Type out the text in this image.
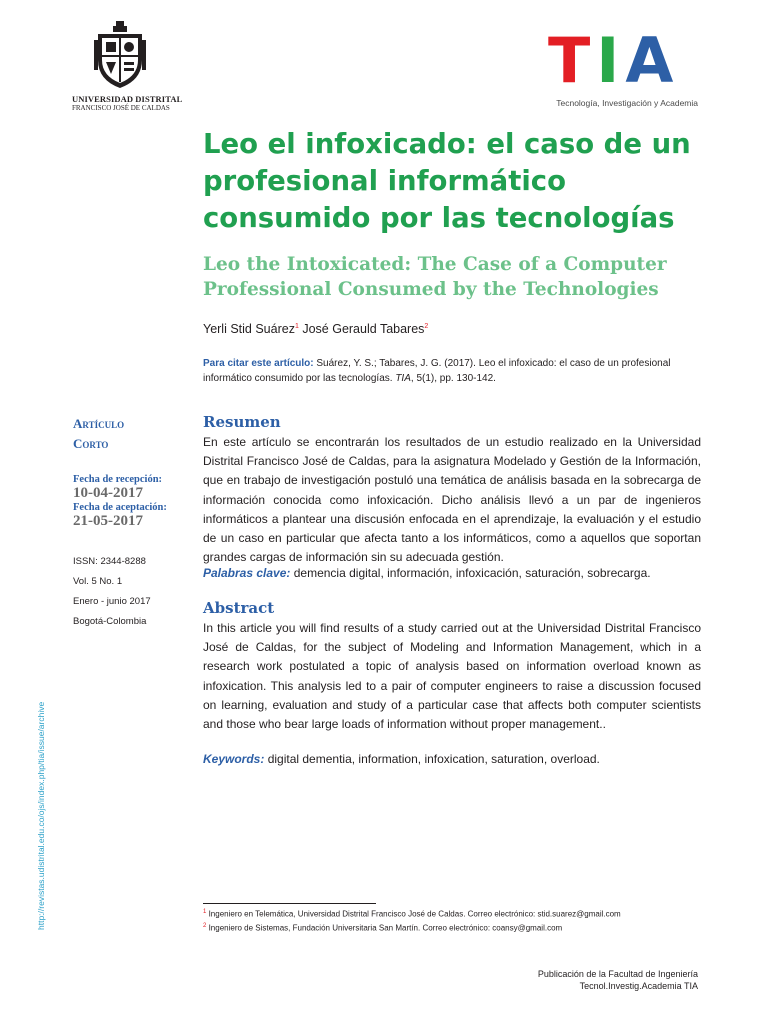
UNIVERSIDAD DISTRITAL
FRANCISCO JOSÉ DE CALDAS
TIA
Tecnología, Investigación y Academia
Leo el infoxicado: el caso de un profesional informático consumido por las tecnologías
Leo the Intoxicated: The Case of a Computer Professional Consumed by the Technologies
Yerli Stid Suárez$^1$ José Gerauld Tabares$^2$
Para citar este artículo: Suárez, Y. S.; Tabares, J. G. (2017). Leo el infoxicado: el caso de un profesional informático consumido por las tecnologías. TIA, 5(1), pp. 130-142.
Artículo
Corto
Fecha de recepción:
10-04-2017
Fecha de aceptación:
21-05-2017
ISSN: 2344-8288
Vol. 5 No. 1
Enero - junio 2017
Bogotá-Colombia
Resumen

En este artículo se encontrarán los resultados de un estudio realizado en la Universidad Distrital Francisco José de Caldas, para la asignatura Modelado y Gestión de la Información, que en trabajo de investigación postuló una temática de análisis basada en la sobrecarga de información conocida como infoxicación. Dicho análisis llevó a un par de ingenieros informáticos a plantear una discusión enfocada en el aprendizaje, la evaluación y el estudio de un caso en particular que afecta tanto a los informáticos, como a aquellos que soportan grandes cargas de información sin su adecuada gestión.

Palabras clave: demencia digital, información, infoxicación, saturación, sobrecarga.
Abstract

In this article you will find results of a study carried out at the Universidad Distrital Francisco José de Caldas, for the subject of Modeling and Information Management, which in a research work postulated a topic of analysis based on information overload known as infoxication. This analysis led to a pair of computer engineers to raise a discussion focused on learning, evaluation and study of a particular case that affects both computer scientists and those who bear large loads of information without proper management..

Keywords: digital dementia, information, infoxication, saturation, overload.
$^1$ Ingeniero en Telemática, Universidad Distrital Francisco José de Caldas. Correo electrónico: stid.suarez@gmail.com
$^2$ Ingeniero de Sistemas, Fundación Universitaria San Martín. Correo electrónico: coansy@gmail.com
Publicación de la Facultad de Ingeniería
Tecnol.Investig.Academia TIA
http://revistas.udistrital.edu.co/ojs/index.php/tia/issue/archive
